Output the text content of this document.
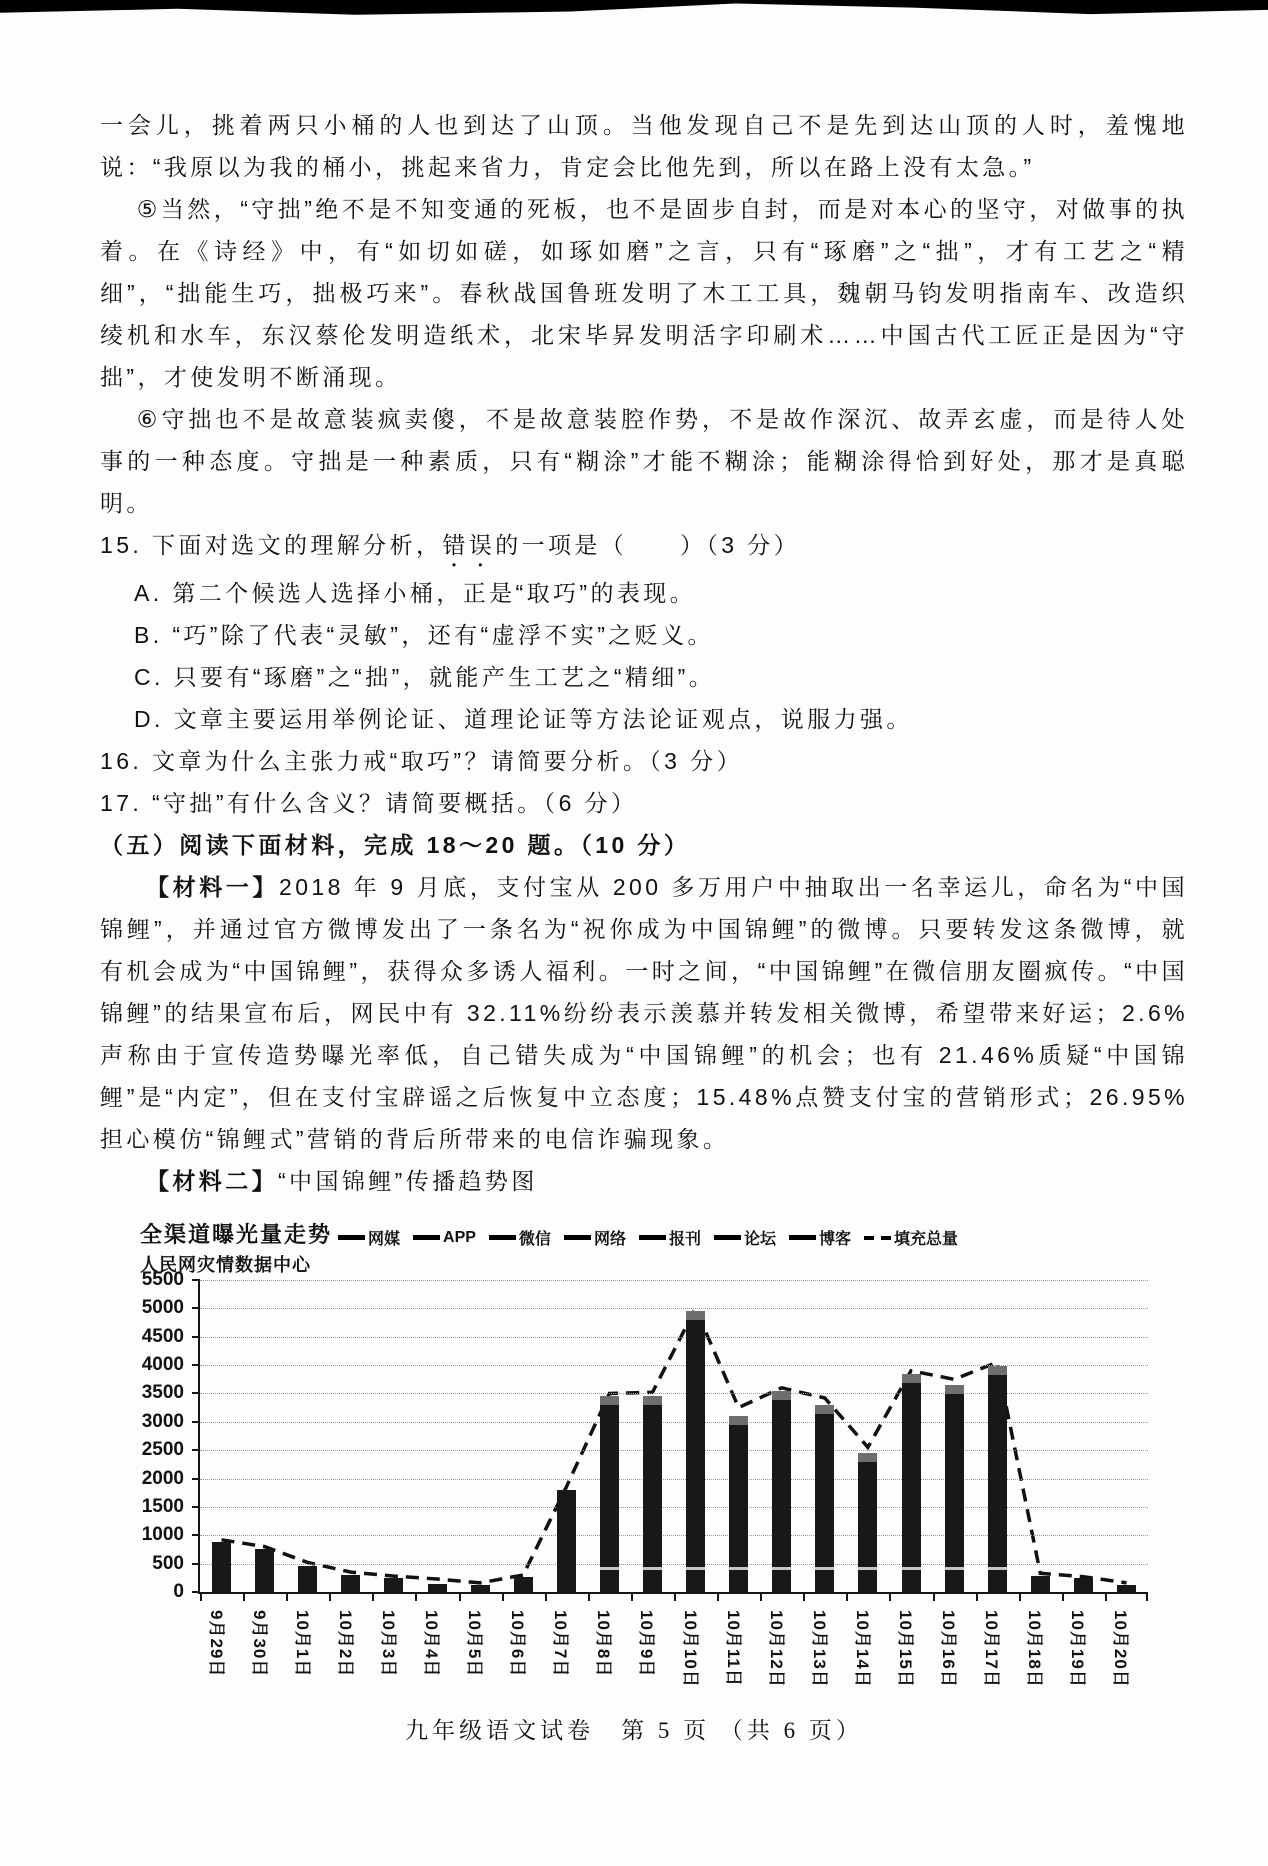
一会儿，挑着两只小桶的人也到达了山顶。当他发现自己不是先到达山顶的人时，羞愧地说：“我原以为我的桶小，挑起来省力，肯定会比他先到，所以在路上没有太急。”

⑤当然，“守拙”绝不是不知变通的死板，也不是固步自封，而是对本心的坚守，对做事的执着。在《诗经》中，有“如切如磋，如琢如磨”之言，只有“琢磨”之“拙”，才有工艺之“精细”，“拙能生巧，拙极巧来”。春秋战国鲁班发明了木工工具，魏朝马钧发明指南车、改造织绫机和水车，东汉蔡伦发明造纸术，北宋毕昇发明活字印刷术……中国古代工匠正是因为“守拙”，才使发明不断涌现。

⑥守拙也不是故意装疯卖傻，不是故意装腔作势，不是故作深沉、故弄玄虚，而是待人处事的一种态度。守拙是一种素质，只有“糊涂”才能不糊涂；能糊涂得恰到好处，那才是真聪明。

15. 下面对选文的理解分析，错误的一项是（　　）（3 分）

A. 第二个候选人选择小桶，正是“取巧”的表现。

B. “巧”除了代表“灵敏”，还有“虚浮不实”之贬义。

C. 只要有“琢磨”之“拙”，就能产生工艺之“精细”。

D. 文章主要运用举例论证、道理论证等方法论证观点，说服力强。

16. 文章为什么主张力戒“取巧”？请简要分析。（3 分）

17. “守拙”有什么含义？请简要概括。（6 分）

（五）阅读下面材料，完成 18～20 题。（10 分）

【材料一】2018 年 9 月底，支付宝从 200 多万用户中抽取出一名幸运儿，命名为“中国锦鲤”，并通过官方微博发出了一条名为“祝你成为中国锦鲤”的微博。只要转发这条微博，就有机会成为“中国锦鲤”，获得众多诱人福利。一时之间，“中国锦鲤”在微信朋友圈疯传。“中国锦鲤”的结果宣布后，网民中有 32.11%纷纷表示羡慕并转发相关微博，希望带来好运；2.6%声称由于宣传造势曝光率低，自己错失成为“中国锦鲤”的机会；也有 21.46%质疑“中国锦鲤”是“内定”，但在支付宝辟谣之后恢复中立态度；15.48%点赞支付宝的营销形式；26.95%担心模仿“锦鲤式”营销的背后所带来的电信诈骗现象。

【材料二】“中国锦鲤”传播趋势图

全渠道曝光量走势
人民网灾情数据中心
网媒	APP	微信	网络	报刊	论坛	博客	填充总量
0
500
1000
1500
2000
2500
3000
3500
4000
4500
5000
5500
9月29日 9月30日 10月1日 10月2日 10月3日 10月4日 10月5日 10月6日 10月7日 10月8日 10月9日 10月10日 10月11日 10月12日 10月13日 10月14日 10月15日 10月16日 10月17日 10月18日 10月19日 10月20日
九年级语文试卷　第 5 页 （共 6 页）
